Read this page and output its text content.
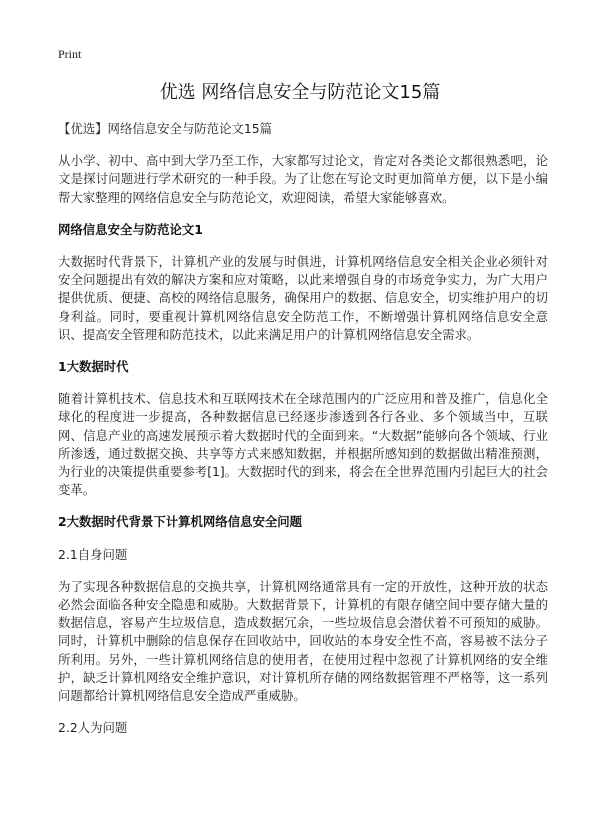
Print
优选 网络信息安全与防范论文15篇

【优选】网络信息安全与防范论文15篇

从小学、初中、高中到大学乃至工作，大家都写过论文，肯定对各类论文都很熟悉吧，论文是探讨问题进行学术研究的一种手段。为了让您在写论文时更加简单方便，以下是小编帮大家整理的网络信息安全与防范论文，欢迎阅读，希望大家能够喜欢。

网络信息安全与防范论文1

大数据时代背景下，计算机产业的发展与时俱进，计算机网络信息安全相关企业必须针对安全问题提出有效的解决方案和应对策略，以此来增强自身的市场竞争实力，为广大用户提供优质、便捷、高校的网络信息服务，确保用户的数据、信息安全，切实维护用户的切身利益。同时，要重视计算机网络信息安全防范工作，不断增强计算机网络信息安全意识、提高安全管理和防范技术，以此来满足用户的计算机网络信息安全需求。

1大数据时代

随着计算机技术、信息技术和互联网技术在全球范围内的广泛应用和普及推广，信息化全球化的程度进一步提高，各种数据信息已经逐步渗透到各行各业、多个领域当中，互联网、信息产业的高速发展预示着大数据时代的全面到来。“大数据”能够向各个领域、行业所渗透，通过数据交换、共享等方式来感知数据，并根据所感知到的数据做出精准预测，为行业的决策提供重要参考[1]。大数据时代的到来，将会在全世界范围内引起巨大的社会变革。

2大数据时代背景下计算机网络信息安全问题

2.1自身问题

为了实现各种数据信息的交换共享，计算机网络通常具有一定的开放性，这种开放的状态必然会面临各种安全隐患和威胁。大数据背景下，计算机的有限存储空间中要存储大量的数据信息，容易产生垃圾信息，造成数据冗余，一些垃圾信息会潜伏着不可预知的威胁。同时，计算机中删除的信息保存在回收站中，回收站的本身安全性不高，容易被不法分子所利用。另外，一些计算机网络信息的使用者，在使用过程中忽视了计算机网络的安全维护，缺乏计算机网络安全维护意识，对计算机所存储的网络数据管理不严格等，这一系列问题都给计算机网络信息安全造成严重威胁。

2.2人为问题
